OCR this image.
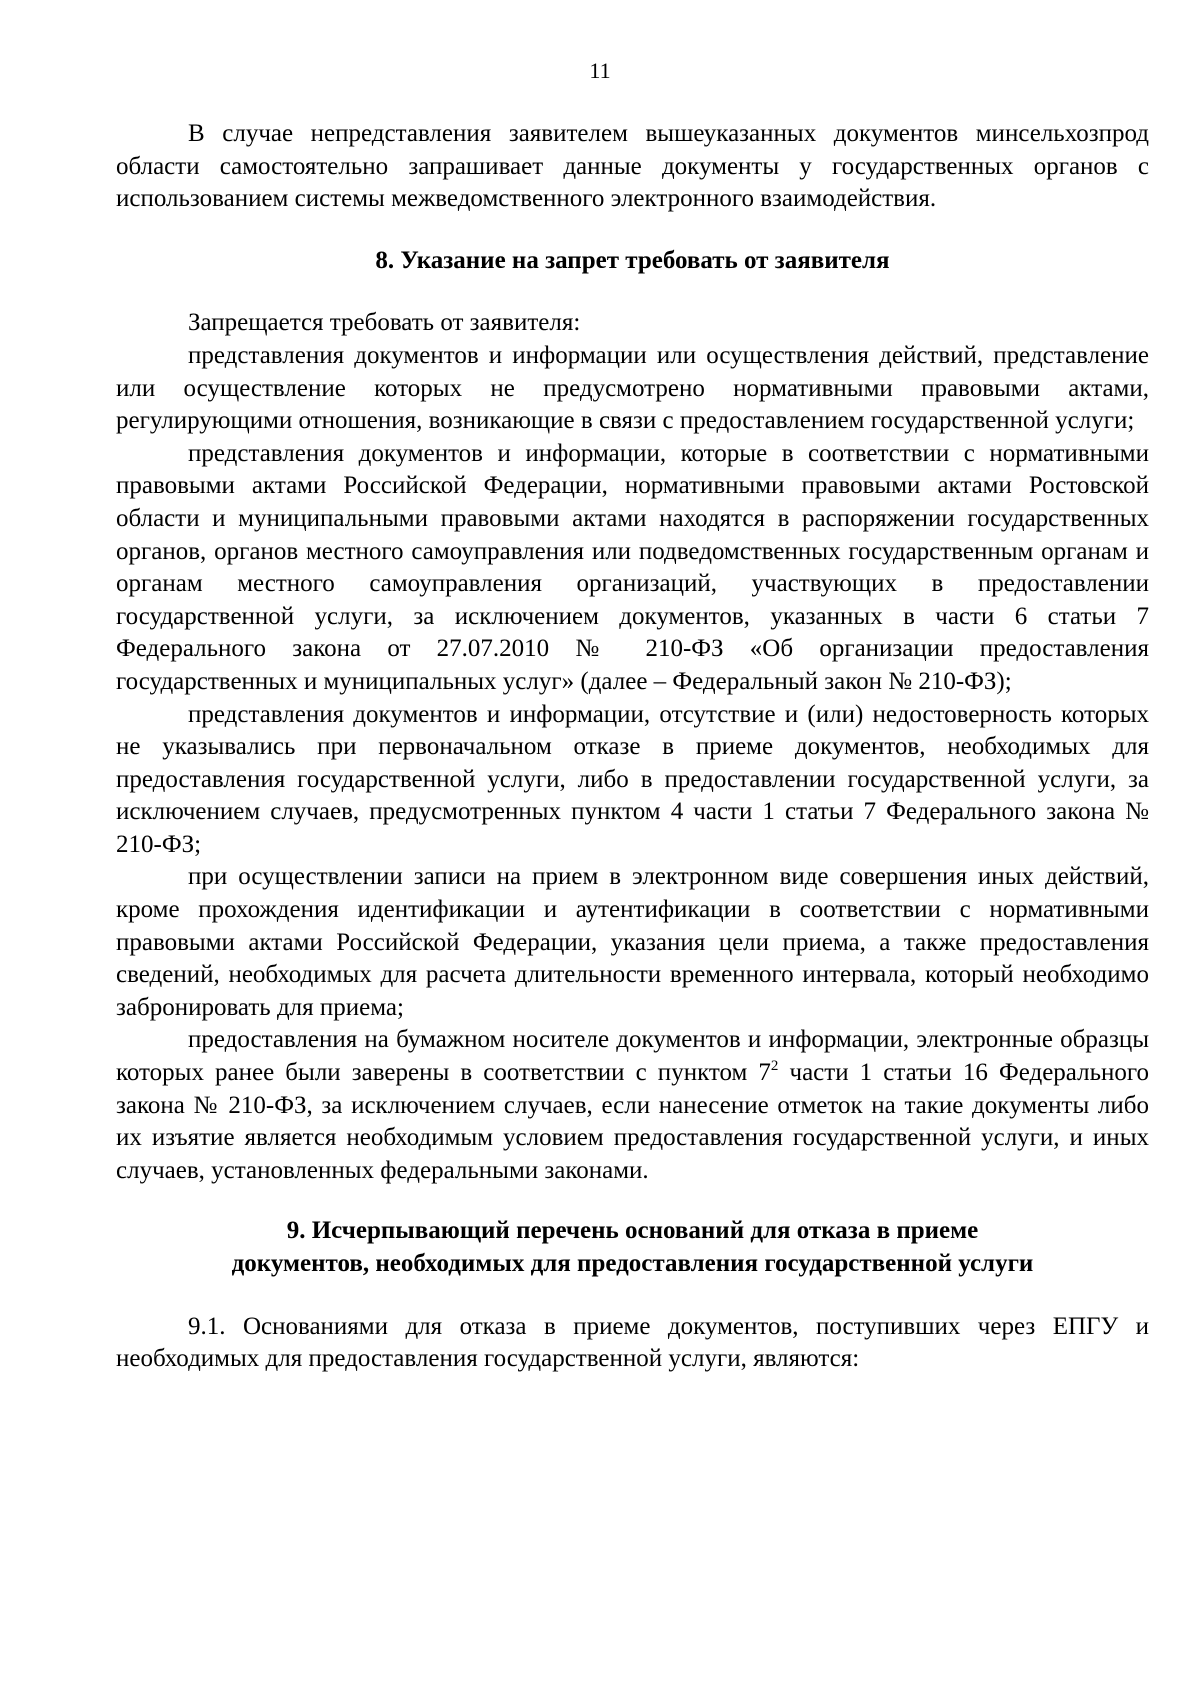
11

В случае непредставления заявителем вышеуказанных документов минсельхозпрод области самостоятельно запрашивает данные документы у государственных органов с использованием системы межведомственного электронного взаимодействия.

8. Указание на запрет требовать от заявителя

Запрещается требовать от заявителя:

представления документов и информации или осуществления действий, представление или осуществление которых не предусмотрено нормативными правовыми актами, регулирующими отношения, возникающие в связи с предоставлением государственной услуги;

представления документов и информации, которые в соответствии с нормативными правовыми актами Российской Федерации, нормативными правовыми актами Ростовской области и муниципальными правовыми актами находятся в распоряжении государственных органов, органов местного самоуправления или подведомственных государственным органам и органам местного самоуправления организаций, участвующих в предоставлении государственной услуги, за исключением документов, указанных в части 6 статьи 7 Федерального закона от 27.07.2010 № 210-ФЗ «Об организации предоставления государственных и муниципальных услуг» (далее – Федеральный закон № 210-ФЗ);

представления документов и информации, отсутствие и (или) недостоверность которых не указывались при первоначальном отказе в приеме документов, необходимых для предоставления государственной услуги, либо в предоставлении государственной услуги, за исключением случаев, предусмотренных пунктом 4 части 1 статьи 7 Федерального закона № 210-ФЗ;

при осуществлении записи на прием в электронном виде совершения иных действий, кроме прохождения идентификации и аутентификации в соответствии с нормативными правовыми актами Российской Федерации, указания цели приема, а также предоставления сведений, необходимых для расчета длительности временного интервала, который необходимо забронировать для приема;

предоставления на бумажном носителе документов и информации, электронные образцы которых ранее были заверены в соответствии с пунктом $7^2$ части 1 статьи 16 Федерального закона № 210-ФЗ, за исключением случаев, если нанесение отметок на такие документы либо их изъятие является необходимым условием предоставления государственной услуги, и иных случаев, установленных федеральными законами.

9. Исчерпывающий перечень оснований для отказа в приеме
документов, необходимых для предоставления государственной услуги

9.1. Основаниями для отказа в приеме документов, поступивших через ЕПГУ и необходимых для предоставления государственной услуги, являются:
